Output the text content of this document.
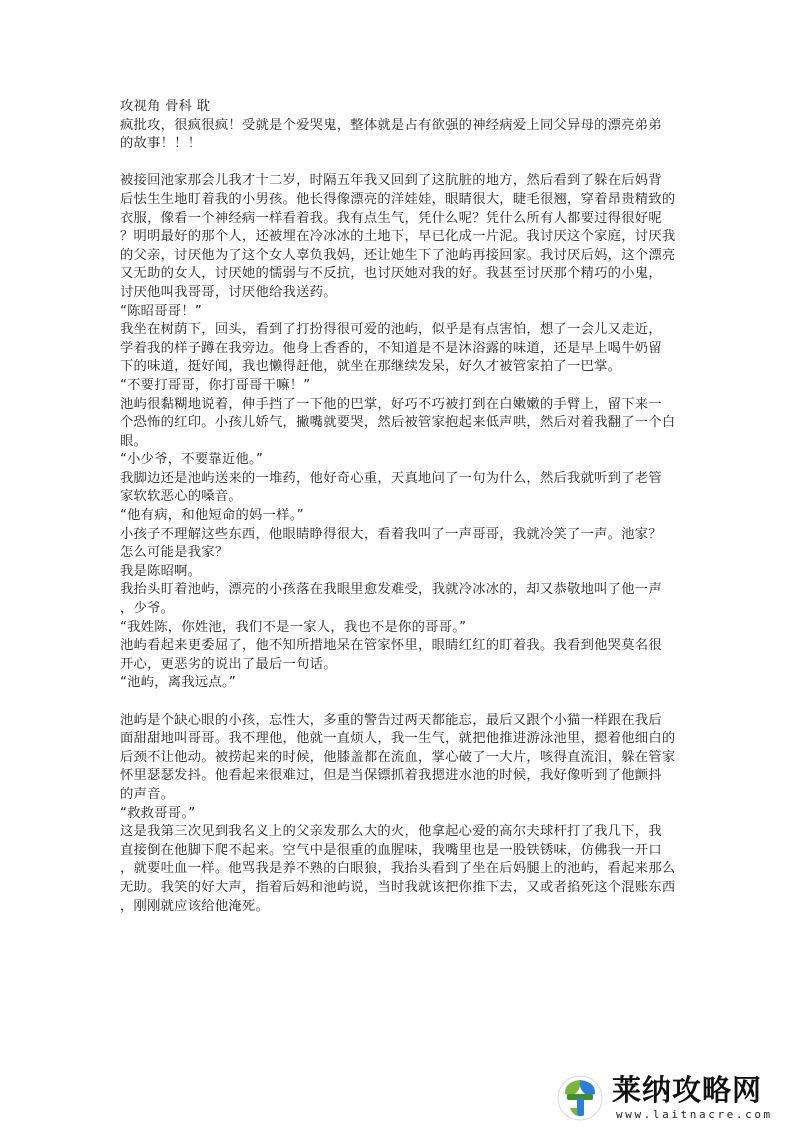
攻视角 骨科 耽
疯批攻，很疯很疯！受就是个爱哭鬼，整体就是占有欲强的神经病爱上同父异母的漂亮弟弟
的故事！！！
被接回池家那会儿我才十二岁，时隔五年我又回到了这肮脏的地方，然后看到了躲在后妈背
后怯生生地盯着我的小男孩。他长得像漂亮的洋娃娃，眼睛很大，睫毛很翘，穿着昂贵精致的
衣服，像看一个神经病一样看着我。我有点生气，凭什么呢？凭什么所有人都要过得很好呢
？明明最好的那个人，还被埋在冷冰冰的土地下，早已化成一片泥。我讨厌这个家庭，讨厌我
的父亲，讨厌他为了这个女人辜负我妈，还让她生下了池屿再接回家。我讨厌后妈，这个漂亮
又无助的女人，讨厌她的懦弱与不反抗，也讨厌她对我的好。我甚至讨厌那个精巧的小鬼，
讨厌他叫我哥哥，讨厌他给我送药。
“陈昭哥哥！”
我坐在树荫下，回头，看到了打扮得很可爱的池屿，似乎是有点害怕，想了一会儿又走近，
学着我的样子蹲在我旁边。他身上香香的，不知道是不是沐浴露的味道，还是早上喝牛奶留
下的味道，挺好闻，我也懒得赶他，就坐在那继续发呆，好久才被管家拍了一巴掌。
“不要打哥哥，你打哥哥干嘛！”
池屿很黏糊地说着，伸手挡了一下他的巴掌，好巧不巧被打到在白嫩嫩的手臂上，留下来一
个恐怖的红印。小孩儿娇气，撇嘴就要哭，然后被管家抱起来低声哄，然后对着我翻了一个白
眼。
“小少爷，不要靠近他。”
我脚边还是池屿送来的一堆药，他好奇心重，天真地问了一句为什么，然后我就听到了老管
家软软恶心的嗓音。
“他有病，和他短命的妈一样。”
小孩子不理解这些东西，他眼睛睁得很大，看着我叫了一声哥哥，我就冷笑了一声。池家？
怎么可能是我家？
我是陈昭啊。
我抬头盯着池屿，漂亮的小孩落在我眼里愈发难受，我就冷冰冰的，却又恭敬地叫了他一声
，少爷。
“我姓陈，你姓池，我们不是一家人，我也不是你的哥哥。”
池屿看起来更委屈了，他不知所措地呆在管家怀里，眼睛红红的盯着我。我看到他哭莫名很
开心，更恶劣的说出了最后一句话。
“池屿，离我远点。”
池屿是个缺心眼的小孩，忘性大，多重的警告过两天都能忘，最后又跟个小猫一样跟在我后
面甜甜地叫哥哥。我不理他，他就一直烦人，我一生气，就把他推进游泳池里，摁着他细白的
后颈不让他动。被捞起来的时候，他膝盖都在流血，掌心破了一大片，咳得直流泪，躲在管家
怀里瑟瑟发抖。他看起来很难过，但是当保镖抓着我摁进水池的时候，我好像听到了他颤抖
的声音。
“救救哥哥。”
这是我第三次见到我名义上的父亲发那么大的火，他拿起心爱的高尔夫球杆打了我几下，我
直接倒在他脚下爬不起来。空气中是很重的血腥味，我嘴里也是一股铁锈味，仿佛我一开口
，就要吐血一样。他骂我是养不熟的白眼狼，我抬头看到了坐在后妈腿上的池屿，看起来那么
无助。我笑的好大声，指着后妈和池屿说，当时我就该把你推下去，又或者掐死这个混账东西
，刚刚就应该给他淹死。
莱纳攻略网
www.laitnacre.com
